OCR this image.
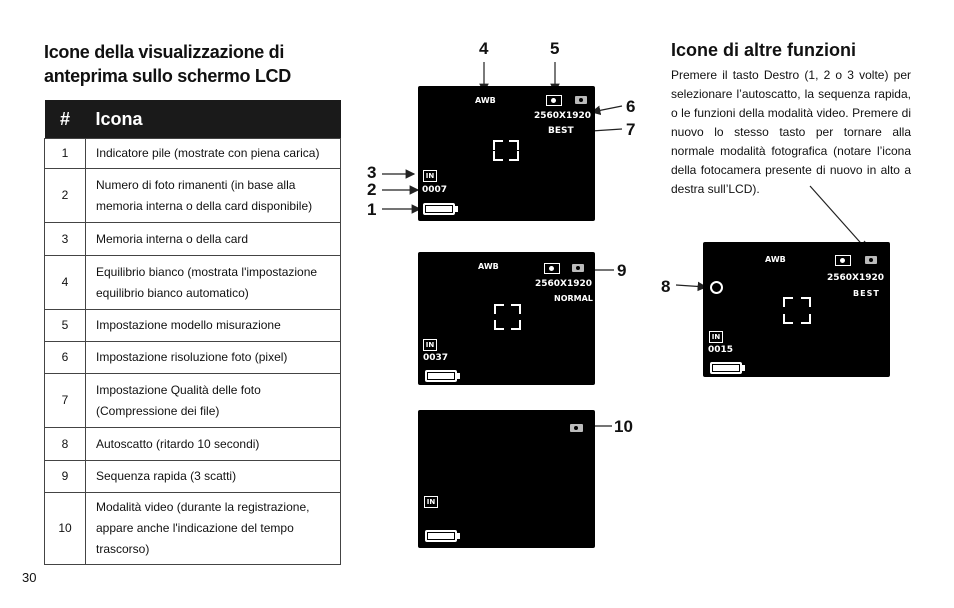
Icone della visualizzazione di anteprima sullo schermo LCD
#	Icona
1	Indicatore pile (mostrate con piena carica)
2	Numero di foto rimanenti (in base alla memoria interna o della card disponibile)
3	Memoria interna o della card
4	Equilibrio bianco (mostrata l'impostazione equilibrio bianco automatico)
5	Impostazione modello misurazione
6	Impostazione risoluzione foto (pixel)
7	Impostazione Qualità delle foto (Compressione dei file)
8	Autoscatto (ritardo 10 secondi)
9	Sequenza rapida (3 scatti)
10	Modalità video (durante la registrazione, appare anche l'indicazione del tempo trascorso)
30
4	5
6
7
3
2
1
9
10
8
AWB
2560X1920
BEST
IN
0007
AWB
2560X1920
NORMAL
IN
0037
IN
AWB
2560X1920
BEST
IN
0015
Icone di altre funzioni
Premere il tasto Destro (1, 2 o 3 volte) per selezionare l’autoscatto, la sequenza rapida, o le funzioni della modalità video. Premere di nuovo lo stesso tasto per tornare alla normale modalità fotografica (notare l’icona della fotocamera presente di nuovo in alto a destra sull’LCD).
